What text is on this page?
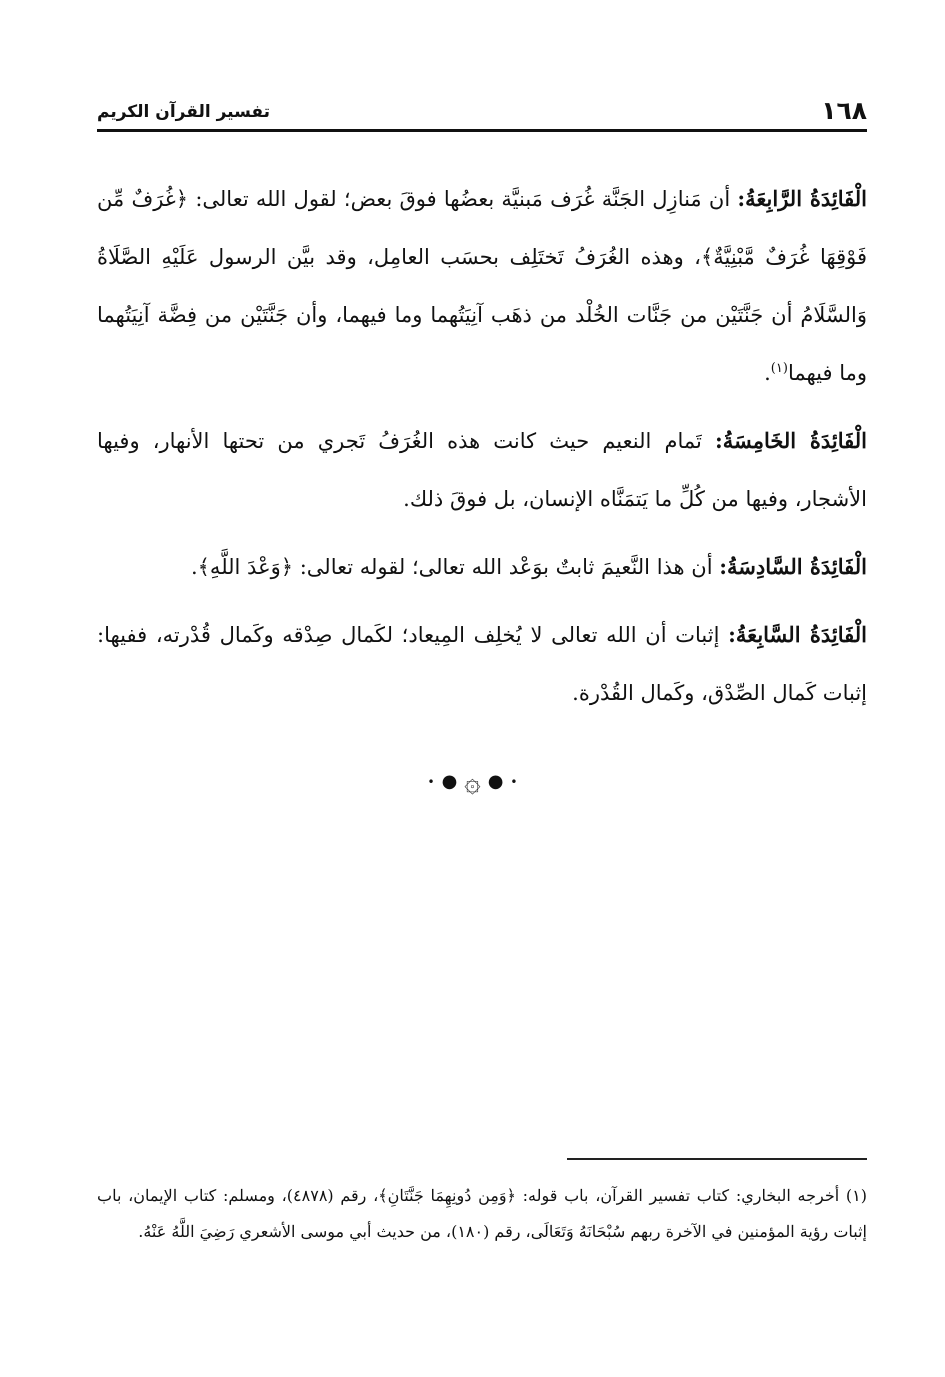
١٦٨
تفسير القرآن الكريم

الْفَائِدَةُ الرَّابِعَةُ: أن مَنازِل الجَنَّة غُرَف مَبنيَّة بعضُها فوقَ بعض؛ لقول الله تعالى: ﴿غُرَفٌ مِّن فَوْقِهَا غُرَفٌ مَّبْنِيَّةٌ﴾، وهذه الغُرَفُ تَختَلِف بحسَب العامِل، وقد بيَّن الرسول عَلَيْهِ الصَّلَاةُ وَالسَّلَامُ أن جَنَّتَيْن من جَنَّات الخُلْد من ذهَب آنِيَتُهما وما فيهما، وأن جَنَّتَيْن من فِضَّة آنِيَتُهما وما فيهما$^{(١)}$.

الْفَائِدَةُ الخَامِسَةُ: تَمام النعيم حيث كانت هذه الغُرَفُ تَجري من تحتها الأنهار، وفيها الأشجار، وفيها من كُلِّ ما يَتمَنَّاه الإنسان، بل فوقَ ذلك.

الْفَائِدَةُ السَّادِسَةُ: أن هذا النَّعيمَ ثابتٌ بوَعْد الله تعالى؛ لقوله تعالى: ﴿وَعْدَ اللَّهِ﴾.

الْفَائِدَةُ السَّابِعَةُ: إثبات أن الله تعالى لا يُخلِف المِيعاد؛ لكَمال صِدْقه وكَمال قُدْرته، ففيها: إثبات كَمال الصِّدْق، وكَمال القُدْرة.

• ● ۞ ● •

(١) أخرجه البخاري: كتاب تفسير القرآن، باب قوله: ﴿وَمِن دُونِهِمَا جَنَّتَانِ﴾، رقم (٤٨٧٨)، ومسلم: كتاب الإيمان، باب إثبات رؤية المؤمنين في الآخرة ربهم سُبْحَانَهُ وَتَعَالَى، رقم (١٨٠)، من حديث أبي موسى الأشعري رَضِيَ اللَّهُ عَنْهُ.
